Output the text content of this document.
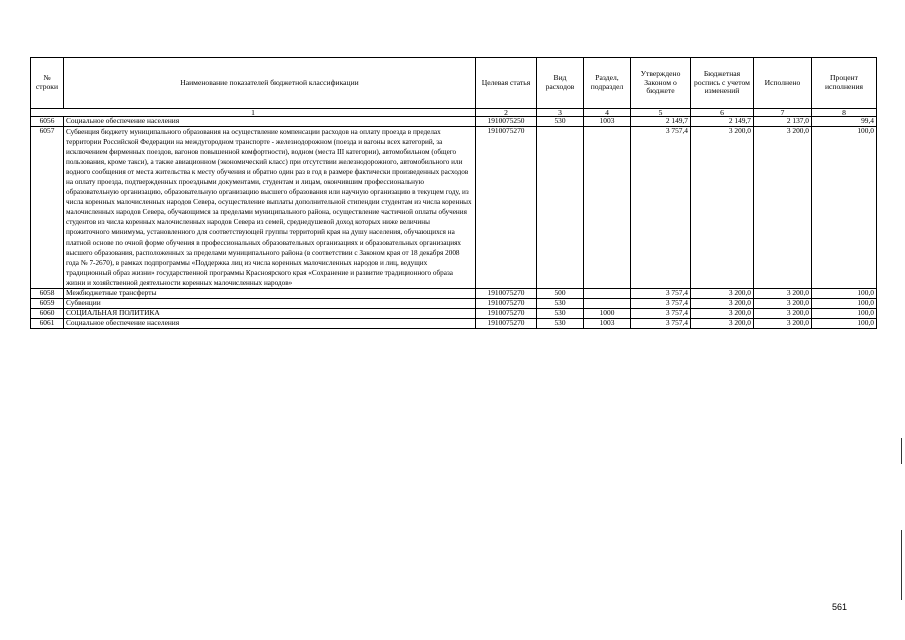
№ строки	Наименование показателей бюджетной классификации	Целевая статья	Вид расходов	Раздел, подраздел	Утверждено Законом о бюджете	Бюджетная роспись с учетом изменений	Исполнено	Процент исполнения
1		2	3	4	5	6	7	8
6056	Социальное обеспечение населения	1910075250	530	1003	2 149,7	2 149,7	2 137,0	99,4
6057	Субвенция бюджету муниципального образования на осуществление компенсации расходов на оплату проезда в пределах территории Российской Федерации на междугородном транспорте - железнодорожном (поезда и вагоны всех категорий, за исключением фирменных поездов, вагонов повышенной комфортности), водном (места III категории), автомобильном (общего пользования, кроме такси), а также авиационном (экономический класс) при отсутствии железнодорожного, автомобильного или водного сообщения от места жительства к месту обучения и обратно один раз в год в размере фактически произведенных расходов на оплату проезда, подтвержденных проездными документами, студентам и лицам, окончившим профессиональную образовательную организацию, образовательную организацию высшего образования или научную организацию в текущем году, из числа коренных малочисленных народов Севера, осуществление выплаты дополнительной стипендии студентам из числа коренных малочисленных народов Севера, обучающимся за пределами муниципального района, осуществление частичной оплаты обучения студентов из числа коренных малочисленных народов Севера из семей, среднедушевой доход которых ниже величины прожиточного минимума, установленного для соответствующей группы территорий края на душу населения, обучающихся на платной основе по очной форме обучения в профессиональных образовательных организациях и образовательных организациях высшего образования, расположенных за пределами муниципального района (в соответствии с Законом края от 18 декабря 2008 года № 7-2670), в рамках подпрограммы «Поддержка лиц из числа коренных малочисленных народов и лиц, ведущих традиционный образ жизни» государственной программы Красноярского края «Сохранение и развитие традиционного образа жизни и хозяйственной деятельности коренных малочисленных народов»	1910075270			3 757,4	3 200,0	3 200,0	100,0
6058	Межбюджетные трансферты	1910075270	500		3 757,4	3 200,0	3 200,0	100,0
6059	Субвенции	1910075270	530		3 757,4	3 200,0	3 200,0	100,0
6060	СОЦИАЛЬНАЯ ПОЛИТИКА	1910075270	530	1000	3 757,4	3 200,0	3 200,0	100,0
6061	Социальное обеспечение населения	1910075270	530	1003	3 757,4	3 200,0	3 200,0	100,0
561
